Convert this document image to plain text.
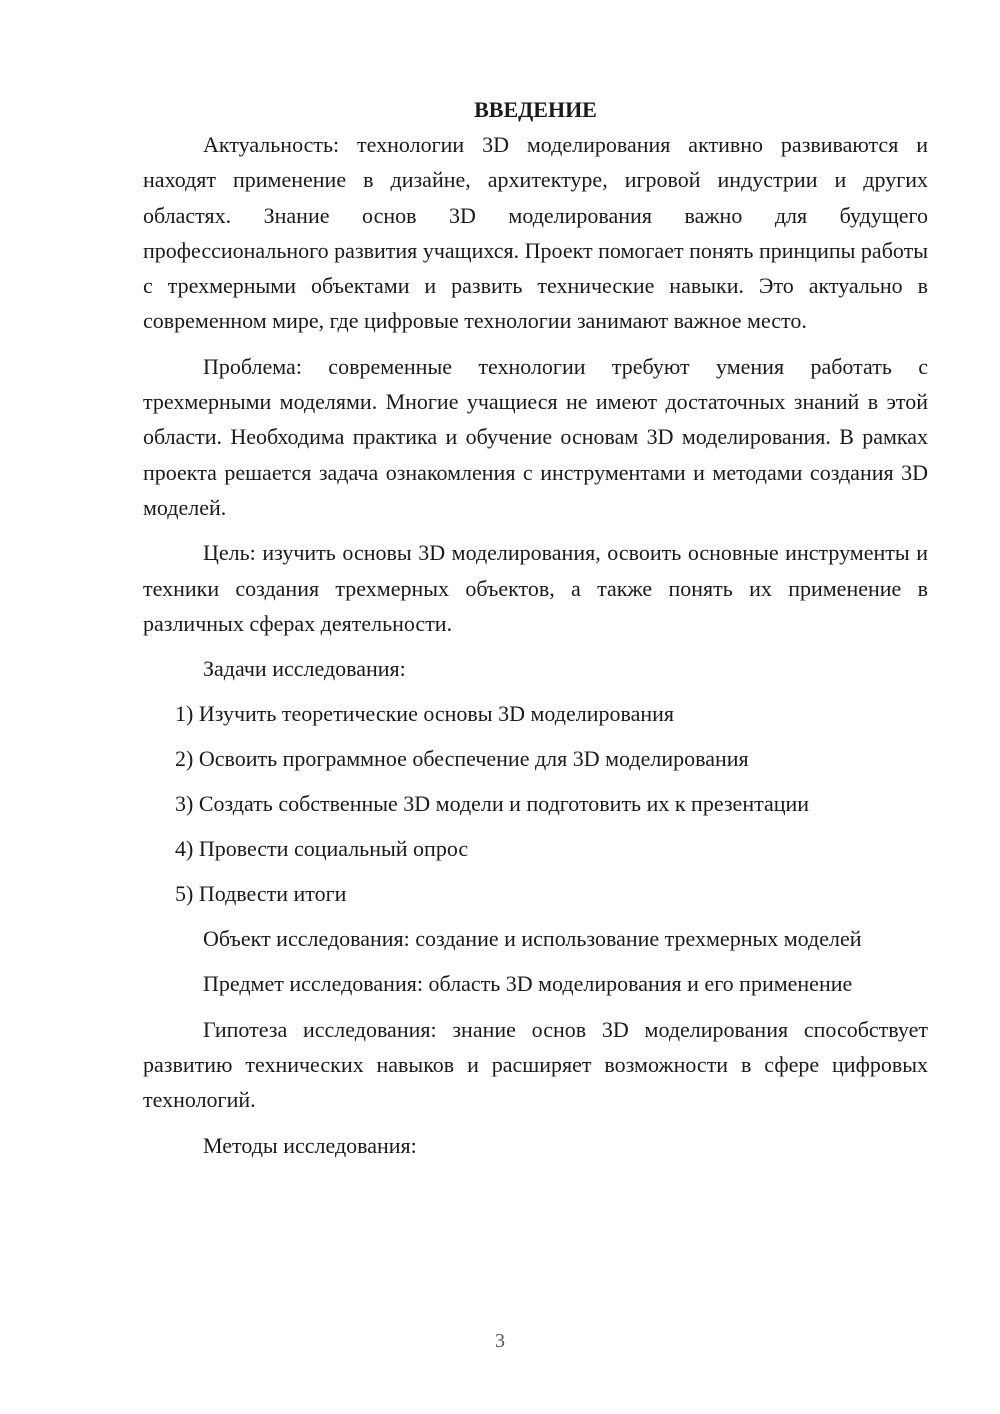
ВВЕДЕНИЕ

Актуальность: технологии 3D моделирования активно развиваются и находят применение в дизайне, архитектуре, игровой индустрии и других областях. Знание основ 3D моделирования важно для будущего профессионального развития учащихся. Проект помогает понять принципы работы с трехмерными объектами и развить технические навыки. Это актуально в современном мире, где цифровые технологии занимают важное место.

Проблема: современные технологии требуют умения работать с трехмерными моделями. Многие учащиеся не имеют достаточных знаний в этой области. Необходима практика и обучение основам 3D моделирования. В рамках проекта решается задача ознакомления с инструментами и методами создания 3D моделей.

Цель: изучить основы 3D моделирования, освоить основные инструменты и техники создания трехмерных объектов, а также понять их применение в различных сферах деятельности.

Задачи исследования:

1) Изучить теоретические основы 3D моделирования
2) Освоить программное обеспечение для 3D моделирования
3) Создать собственные 3D модели и подготовить их к презентации
4) Провести социальный опрос
5) Подвести итоги

Объект исследования: создание и использование трехмерных моделей

Предмет исследования: область 3D моделирования и его применение

Гипотеза исследования: знание основ 3D моделирования способствует развитию технических навыков и расширяет возможности в сфере цифровых технологий.

Методы исследования:

3
